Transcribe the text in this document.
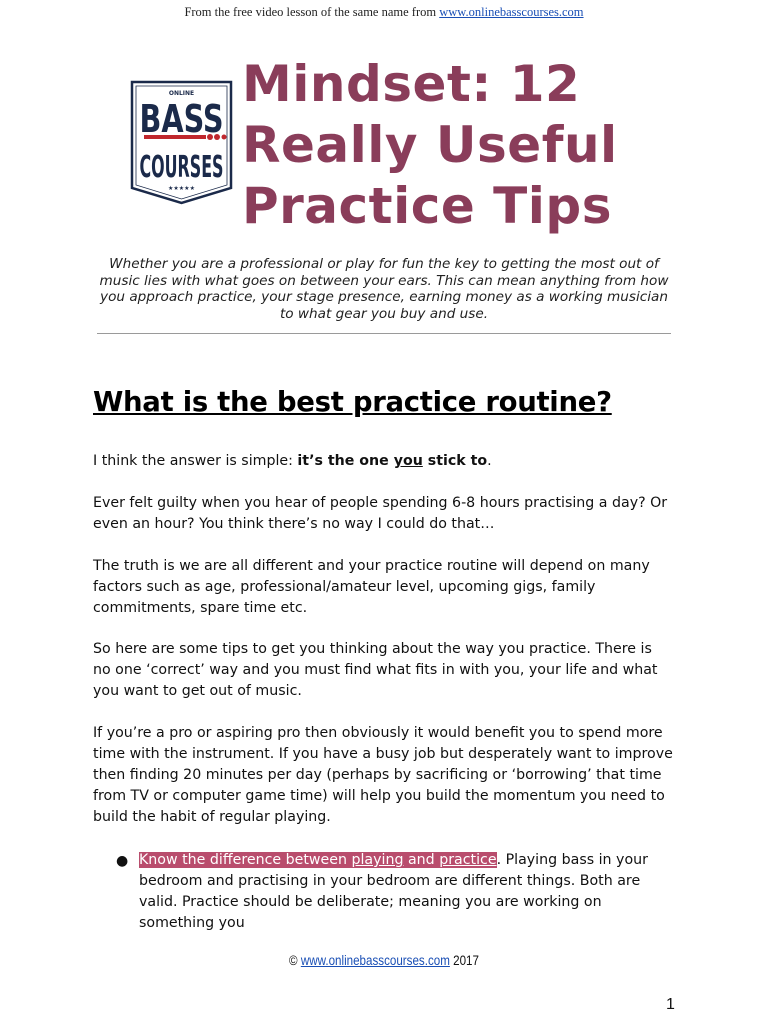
From the free video lesson of the same name from www.onlinebasscourses.com
ONLINE
BASS
COURSES
★★★★★
Mindset: 12
Really Useful
Practice Tips
Whether you are a professional or play for fun the key to getting the most out of music lies with what goes on between your ears. This can mean anything from how you approach practice, your stage presence, earning money as a working musician to what gear you buy and use.
What is the best practice routine?
I think the answer is simple: it’s the one you stick to.
Ever felt guilty when you hear of people spending 6-8 hours practising a day? Or even an hour? You think there’s no way I could do that…
The truth is we are all different and your practice routine will depend on many factors such as age, professional/amateur level, upcoming gigs, family commitments, spare time etc.
So here are some tips to get you thinking about the way you practice. There is no one ‘correct’ way and you must find what fits in with you, your life and what you want to get out of music.
If you’re a pro or aspiring pro then obviously it would benefit you to spend more time with the instrument. If you have a busy job but desperately want to improve then finding 20 minutes per day (perhaps by sacrificing or ‘borrowing’ that time from TV or computer game time) will help you build the momentum you need to build the habit of regular playing.
● Know the difference between playing and practice. Playing bass in your bedroom and practising in your bedroom are different things. Both are valid. Practice should be deliberate; meaning you are working on something you
© www.onlinebasscourses.com 2017
1
